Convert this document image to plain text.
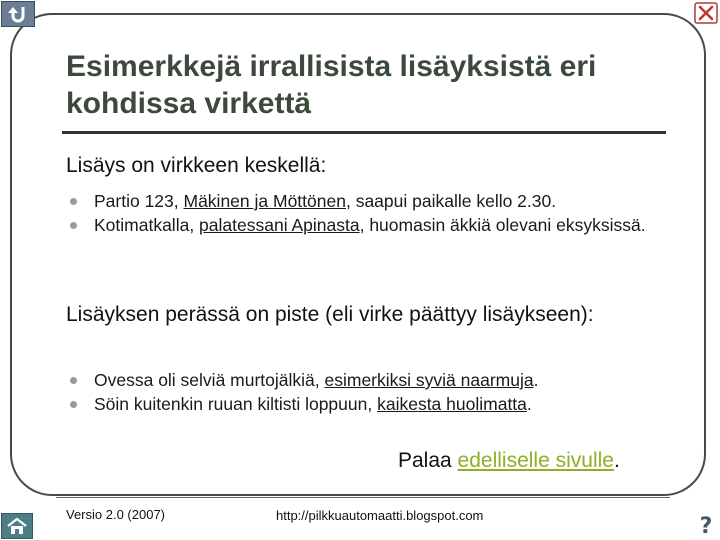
Esimerkkejä irrallisista lisäyksistä eri kohdissa virkettä
Lisäys on virkkeen keskellä:
Partio 123, Mäkinen ja Möttönen, saapui paikalle kello 2.30.
Kotimatkalla, palatessani Apinasta, huomasin äkkiä olevani eksyksissä.
Lisäyksen perässä on piste (eli virke päättyy lisäykseen):
Ovessa oli selviä murtojälkiä, esimerkiksi syviä naarmuja.
Söin kuitenkin ruuan kiltisti loppuun, kaikesta huolimatta.
Palaa edelliselle sivulle.
Versio 2.0 (2007)	http://pilkkuautomaatti.blogspot.com	?
